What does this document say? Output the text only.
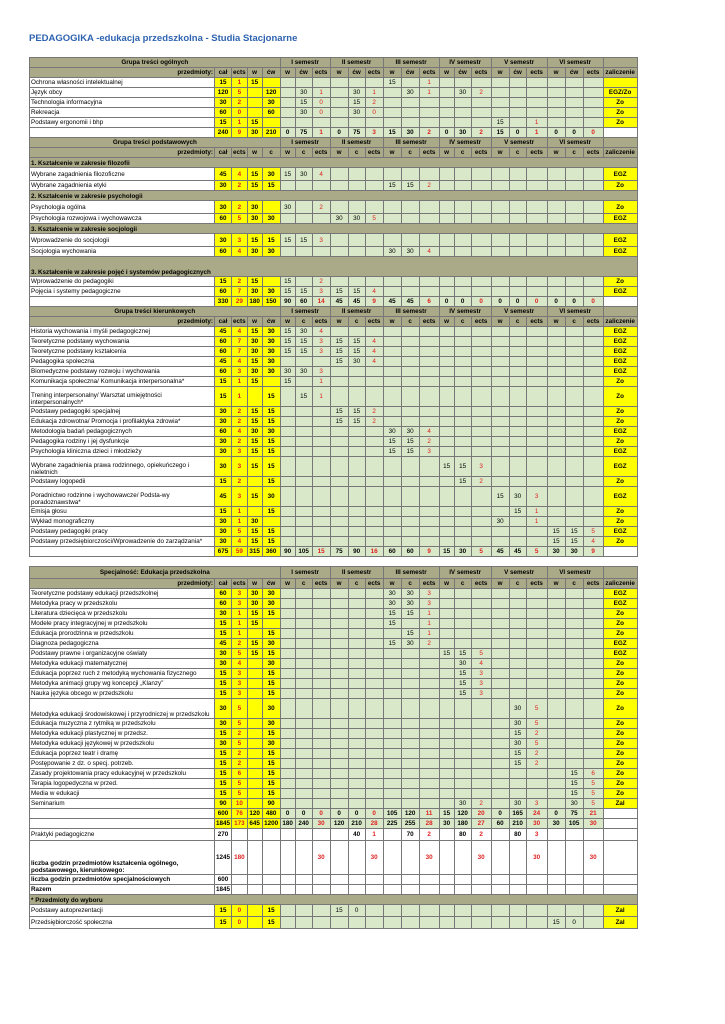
PEDAGOGIKA -edukacja przedszkolna - Studia Stacjonarne
Grupa treści ogólnych					I semestr			II semestr			III semestr			IV semestr			V semestr			VI semestr			
przedmioty:	cał	ects	w	ćw	w	ćw	ects	w	ćw	ects	w	ćw	ects	w	ćw	ects	w	ćw	ects	w	ćw	ects	zaliczenie
Ochrona własności intelektualnej	15	1	15								15		1										
Język obcy	120	5		120		30	1		30	1		30	1		30	2							EGZ/Zo
Technologia informacyjna	30	2		30		15	0		15	2													Zo
Rekreacja	60	0		60		30	0		30	0													Zo
Podstawy ergonomii i bhp	15	1	15														15		1				Zo
	240	9	30	210	0	75	1	0	75	3	15	30	2	0	30	2	15	0	1	0	0	0	
Grupa treści podstawowych					I semestr			II semestr			III semestr			IV semestr			V semestr			VI semestr			
przedmioty:	cał	ects	w	c	w	c	ects	w	c	ects	w	c	ects	w	c	ects	w	c	ects	w	c	ects	zaliczenie
1. Kształcenie w zakresie filozofii																							
Wybrane zagadnienia filozoficzne	45	4	15	30	15	30	4																EGZ
Wybrane zagadnienia etyki	30	2	15	15							15	15	2										Zo
2. Kształcenie w zakresie psychologii																							
Psychologia ogólna	30	2	30		30		2																Zo
Psychologia rozwojowa i wychowawcza	60	5	30	30				30	30	5													EGZ
3. Kształcenie w zakresie socjologii																							
Wprowadzenie do socjologii	30	3	15	15	15	15	3																EGZ
Socjologia wychowania	60	4	30	30							30	30	4										EGZ
3. Kształcenie w zakresie pojęć i systemów pedagogicznych																							
Wprowadzenie do pedagogiki	15	2	15		15		2																Zo
Pojęcia i systemy pedagogiczne	60	7	30	30	15	15	3	15	15	4													EGZ
	330	29	180	150	90	60	14	45	45	9	45	45	6	0	0	0	0	0	0	0	0	0	
Grupa treści kierunkowych					I semestr			II semestr			III semestr			IV semestr			V semestr			VI semestr			
przedmioty:	cał	ects	w	ćw	w	c	ects	w	c	ects	w	c	ects	w	c	ects	w	c	ects	w	c	ects	zaliczenie
Historia wychowania i myśli pedagogicznej	45	4	15	30	15	30	4																EGZ
Teoretyczne podstawy wychowania	60	7	30	30	15	15	3	15	15	4													EGZ
Teoretyczne podstawy kształcenia	60	7	30	30	15	15	3	15	15	4													EGZ
Pedagogika społeczna	45	4	15	30				15	30	4													EGZ
Biomedyczne podstawy rozwoju i wychowania	60	3	30	30	30	30	3																EGZ
Komunikacja społeczna/ Komunikacja interpersonalna*	15	1	15		15		1																Zo
Trening interpersonalny/ Warsztat umiejętności interpersonalnych*	15	1		15		15	1																Zo
Podstawy pedagogiki specjalnej	30	2	15	15				15	15	2													Zo
Edukacja zdrowotna/ Promocja i profilaktyka zdrowia*	30	2	15	15				15	15	2													Zo
Metodologia badań pedagogicznych	60	4	30	30							30	30	4										EGZ
Pedagogika rodziny i jej dysfunkcje	30	2	15	15							15	15	2										Zo
Psychologia kliniczna dzieci i młodzieży	30	3	15	15							15	15	3										EGZ
Wybrane zagadnienia prawa rodzinnego, opiekuńczego i nieletnich	30	3	15	15										15	15	3							EGZ
Podstawy logopedii	15	2		15											15	2							Zo
Poradnictwo rodzinne i wychowawcze/ Podsta-wy poradoznawstwa*	45	3	15	30													15	30	3				EGZ
Emisja głosu	15	1		15														15	1				Zo
Wykład monograficzny	30	1	30														30		1				Zo
Podstawy pedagogiki pracy	30	5	15	15																15	15	5	EGZ
Podstawy przedsiębiorczości/Wprowadzenie do zarządzania*	30	4	15	15																15	15	4	Zo
	675	59	315	360	90	105	15	75	90	16	60	60	9	15	30	5	45	45	5	30	30	9	

Specjalność: Edukacja przedszkolna					I semestr			II semestr			III semestr			IV semestr			V semestr			VI semestr			
przedmioty:	cał	ects	w	ćw	w	c	ects	w	c	ects	w	c	ects	w	c	ects	w	c	ects	w	c	ects	zaliczenie
Teoretyczne podstawy edukacji przedszkolnej	60	3	30	30							30	30	3										EGZ
Metodyka pracy w przedszkolu	60	3	30	30							30	30	3										EGZ
Literatura dziecięca w przedszkolu	30	1	15	15							15	15	1										Zo
Modele pracy integracyjnej w przedszkolu	15	1	15								15		1										Zo
Edukacja prorodzinna w przedszkolu	15	1		15								15	1										Zo
Diagnoza pedagogiczna	45	2	15	30							15	30	2										EGZ
Podstawy prawne i organizacyjne oświaty	30	5	15	15										15	15	5							EGZ
Metodyka edukacji matematycznej	30	4		30											30	4							Zo
Edukacja poprzez ruch z metodyką wychowania fizycznego	15	3		15											15	3							Zo
Metodyka animacji grupy wg koncepcji „Klanzy”	15	3		15											15	3							Zo
Nauka języka obcego w przedszkolu	15	3		15											15	3							Zo
Metodyka edukacji środowiskowej i przyrodniczej w przedszkolu	30	5		30														30	5				Zo
Edukacja muzyczna z rytmiką w przedszkolu	30	5		30														30	5				Zo
Metodyka edukacji plastycznej w przedsz.	15	2		15														15	2				Zo
Metodyka edukacji językowej w przedszkolu	30	5		30														30	5				Zo
Edukacja poprzez teatr i dramę	15	2		15														15	2				Zo
Postępowanie z dz. o specj. potrzeb.	15	2		15														15	2				Zo
Zasady projektowania pracy edukacyjnej w przedszkolu	15	6		15																	15	6	Zo
Terapia logopedyczna w przed.	15	5		15																	15	5	Zo
Media w edukacji	15	5		15																	15	5	Zo
Seminarium	90	10		90											30	2		30	3		30	5	Zal
	600	76	120	480	0	0	0	0	0	0	105	120	11	15	120	20	0	165	24	0	75	21	
	1845	173	645	1200	180	240	30	120	210	28	225	255	28	30	180	27	60	210	30	30	105	30	
Praktyki pedagogiczne	270								40	1		70	2		80	2		80	3				
liczba godzin przedmiotów kształcenia ogólnego, podstawowego, kierunkowego:	1245	180					30			30			30			30			30			30	
liczba godzin przedmiotów specjalnościowych	600																						
Razem	1845																						
* Przedmioty do wyboru																							
Podstawy autoprezentacji	15	0		15				15	0														Zal
Przedsiębiorczość społeczna	15	0		15																15	0		Zal
